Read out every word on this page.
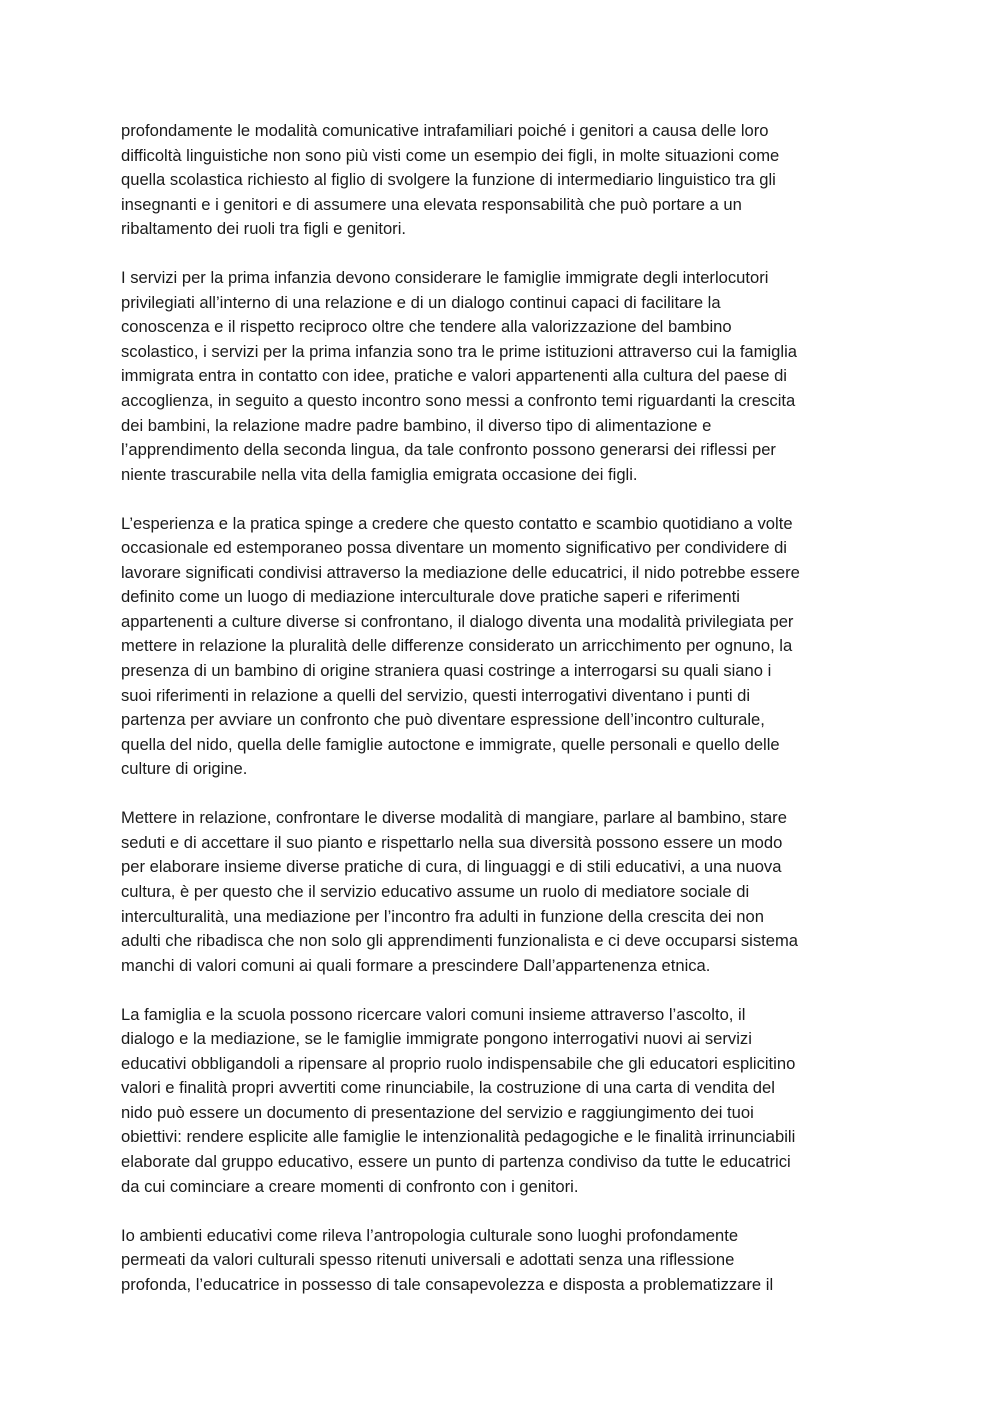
profondamente le modalità comunicative intrafamiliari poiché i genitori a causa delle loro
difficoltà linguistiche non sono più visti come un esempio dei figli, in molte situazioni come
quella scolastica richiesto al figlio di svolgere la funzione di intermediario linguistico tra gli
insegnanti e i genitori e di assumere una elevata responsabilità che può portare a un
ribaltamento dei ruoli tra figli e genitori.

I servizi per la prima infanzia devono considerare le famiglie immigrate degli interlocutori
privilegiati all’interno di una relazione e di un dialogo continui capaci di facilitare la
conoscenza e il rispetto reciproco oltre che tendere alla valorizzazione del bambino
scolastico, i servizi per la prima infanzia sono tra le prime istituzioni attraverso cui la famiglia
immigrata entra in contatto con idee, pratiche e valori appartenenti alla cultura del paese di
accoglienza, in seguito a questo incontro sono messi a confronto temi riguardanti la crescita
dei bambini, la relazione madre padre bambino, il diverso tipo di alimentazione e
l’apprendimento della seconda lingua, da tale confronto possono generarsi dei riflessi per
niente trascurabile nella vita della famiglia emigrata occasione dei figli.

L’esperienza e la pratica spinge a credere che questo contatto e scambio quotidiano a volte
occasionale ed estemporaneo possa diventare un momento significativo per condividere di
lavorare significati condivisi attraverso la mediazione delle educatrici, il nido potrebbe essere
definito come un luogo di mediazione interculturale dove pratiche saperi e riferimenti
appartenenti a culture diverse si confrontano, il dialogo diventa una modalità privilegiata per
mettere in relazione la pluralità delle differenze considerato un arricchimento per ognuno, la
presenza di un bambino di origine straniera quasi costringe a interrogarsi su quali siano i
suoi riferimenti in relazione a quelli del servizio, questi interrogativi diventano i punti di
partenza per avviare un confronto che può diventare espressione dell’incontro culturale,
quella del nido, quella delle famiglie autoctone e immigrate, quelle personali e quello delle
culture di origine.

Mettere in relazione, confrontare le diverse modalità di mangiare, parlare al bambino, stare
seduti e di accettare il suo pianto e rispettarlo nella sua diversità possono essere un modo
per elaborare insieme diverse pratiche di cura, di linguaggi e di stili educativi, a una nuova
cultura, è per questo che il servizio educativo assume un ruolo di mediatore sociale di
interculturalità, una mediazione per l’incontro fra adulti in funzione della crescita dei non
adulti che ribadisca che non solo gli apprendimenti funzionalista e ci deve occuparsi sistema
manchi di valori comuni ai quali formare a prescindere Dall’appartenenza etnica.

La famiglia e la scuola possono ricercare valori comuni insieme attraverso l’ascolto, il
dialogo e la mediazione, se le famiglie immigrate pongono interrogativi nuovi ai servizi
educativi obbligandoli a ripensare al proprio ruolo indispensabile che gli educatori esplicitino
valori e finalità propri avvertiti come rinunciabile, la costruzione di una carta di vendita del
nido può essere un documento di presentazione del servizio e raggiungimento dei tuoi
obiettivi: rendere esplicite alle famiglie le intenzionalità pedagogiche e le finalità irrinunciabili
elaborate dal gruppo educativo, essere un punto di partenza condiviso da tutte le educatrici
da cui cominciare a creare momenti di confronto con i genitori.

Io ambienti educativi come rileva l’antropologia culturale sono luoghi profondamente
permeati da valori culturali spesso ritenuti universali e adottati senza una riflessione
profonda, l’educatrice in possesso di tale consapevolezza e disposta a problematizzare il
